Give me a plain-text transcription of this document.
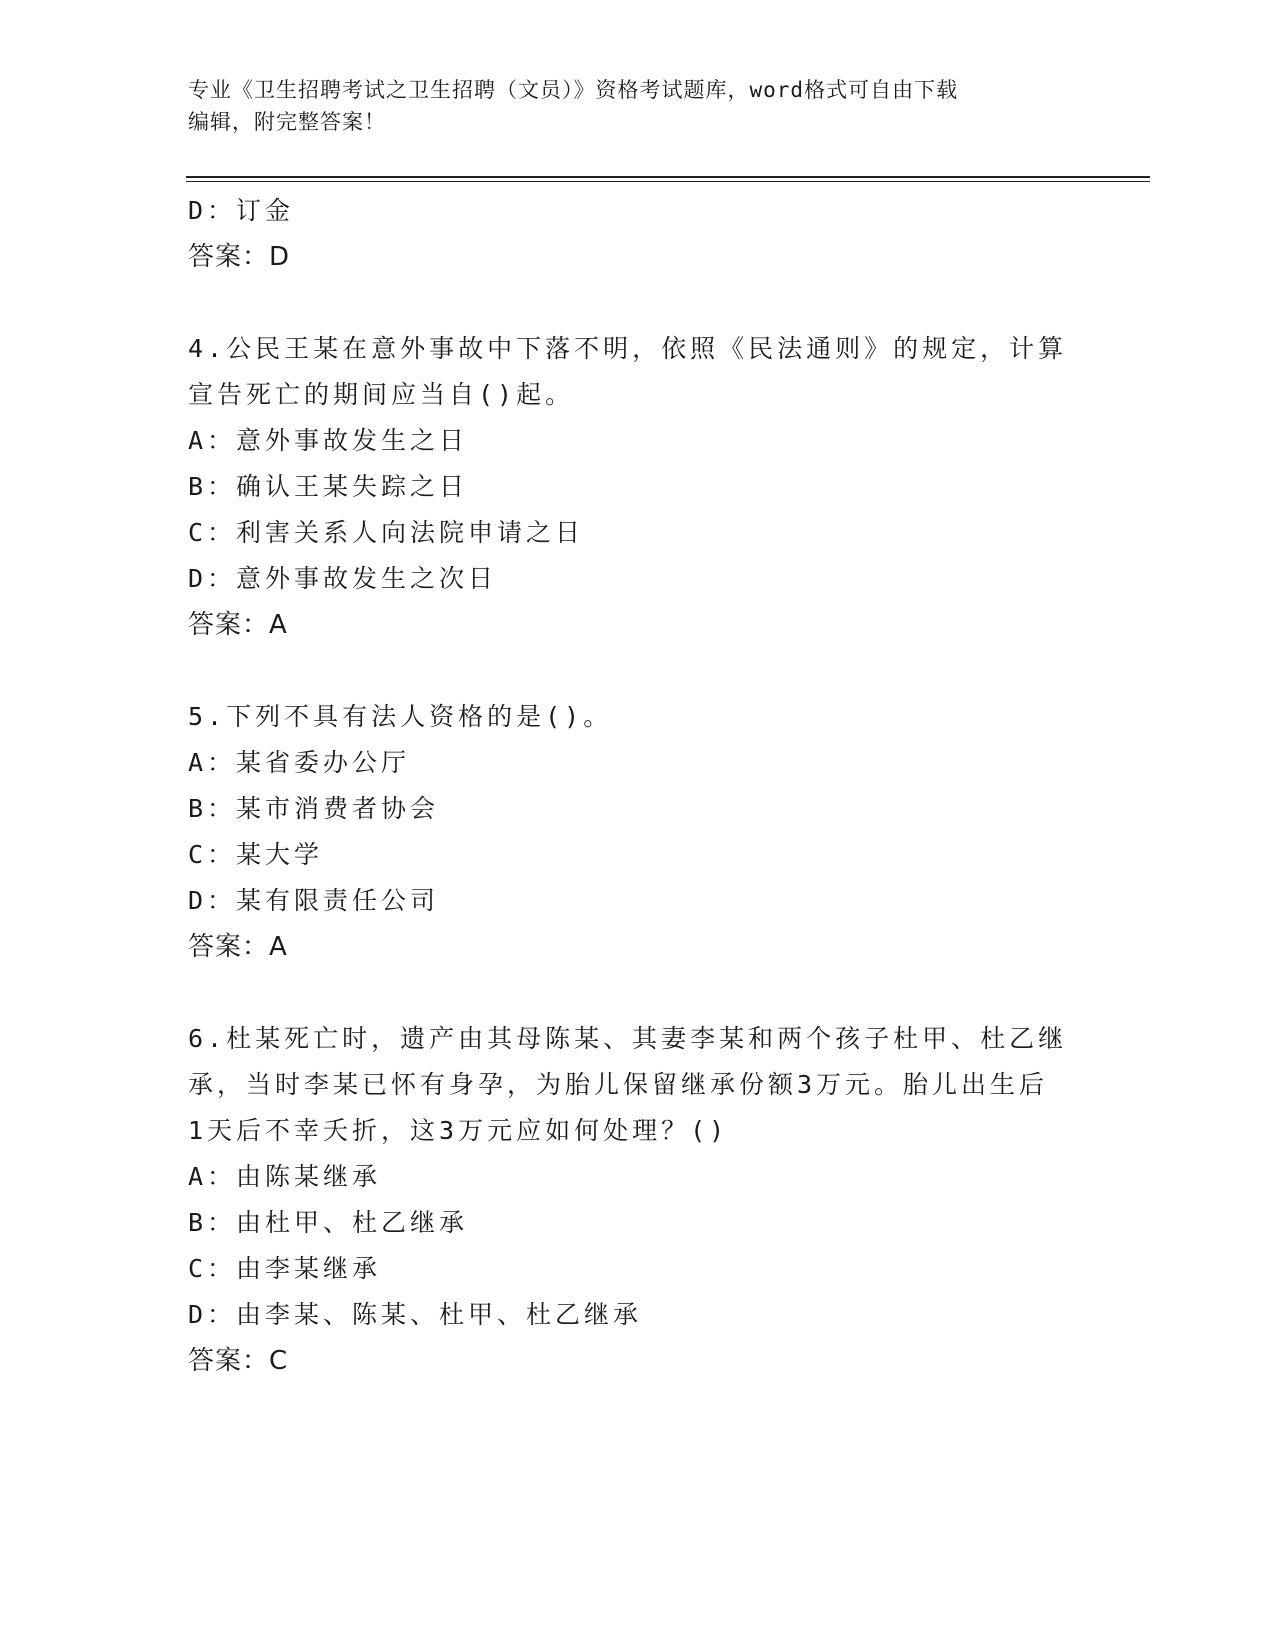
专业《卫生招聘考试之卫生招聘（文员）》资格考试题库，word格式可自由下载
编辑，附完整答案！
D：订金
答案：D
4.公民王某在意外事故中下落不明，依照《民法通则》的规定，计算
宣告死亡的期间应当自()起。
A：意外事故发生之日
B：确认王某失踪之日
C：利害关系人向法院申请之日
D：意外事故发生之次日
答案：A
5.下列不具有法人资格的是()。
A：某省委办公厅
B：某市消费者协会
C：某大学
D：某有限责任公司
答案：A
6.杜某死亡时，遗产由其母陈某、其妻李某和两个孩子杜甲、杜乙继
承，当时李某已怀有身孕，为胎儿保留继承份额3万元。胎儿出生后
1天后不幸夭折，这3万元应如何处理？()
A：由陈某继承
B：由杜甲、杜乙继承
C：由李某继承
D：由李某、陈某、杜甲、杜乙继承
答案：C
